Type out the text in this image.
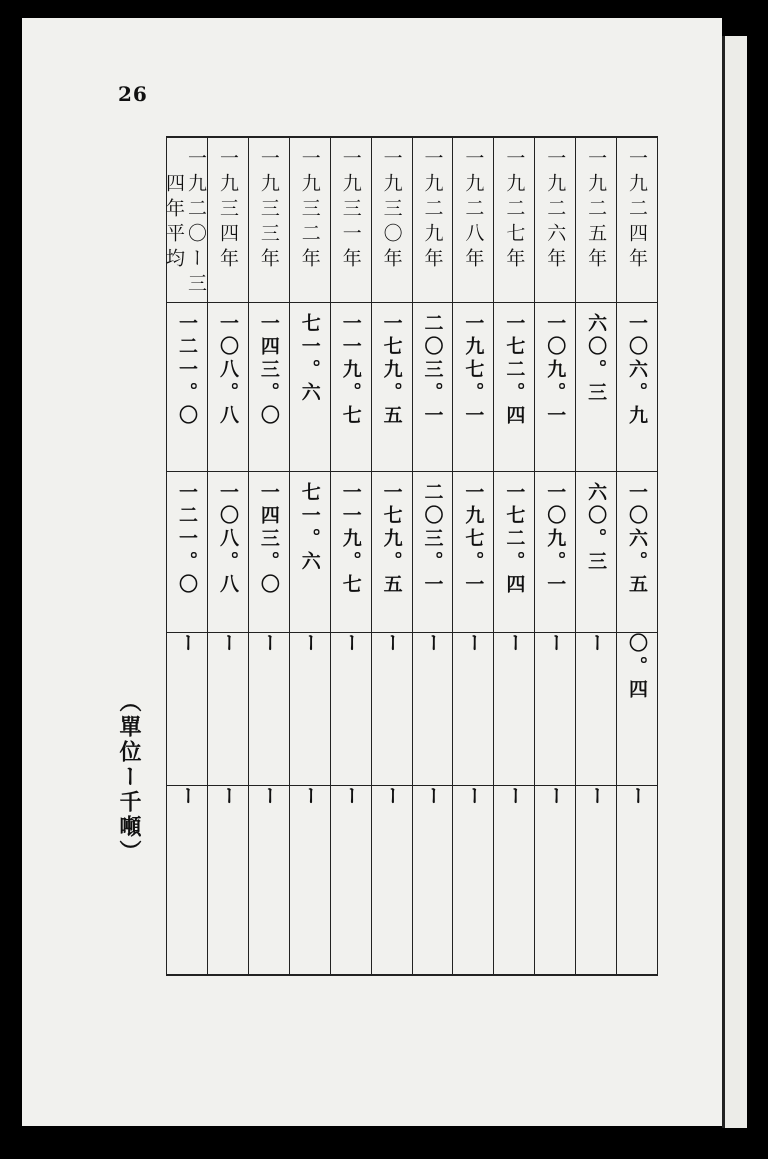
26
（單位ー千噸）
一九二四年	一九二五年	一九二六年	一九二七年	一九二八年	一九二九年	一九三〇年	一九三一年	一九三二年	一九三三年	一九三四年	一九二〇ー三四年平均
一〇六。九	六〇。三	一〇九。一	一七二。四	一九七。一	二〇三。一	一七九。五	一一九。七	七一。六	一四三。〇	一〇八。八	一二一。〇
一〇六。五	六〇。三	一〇九。一	一七二。四	一九七。一	二〇三。一	一七九。五	一一九。七	七一。六	一四三。〇	一〇八。八	一二一。〇
〇。四	ー	ー	ー	ー	ー	ー	ー	ー	ー	ー	ー
ー	ー	ー	ー	ー	ー	ー	ー	ー	ー	ー	ー
